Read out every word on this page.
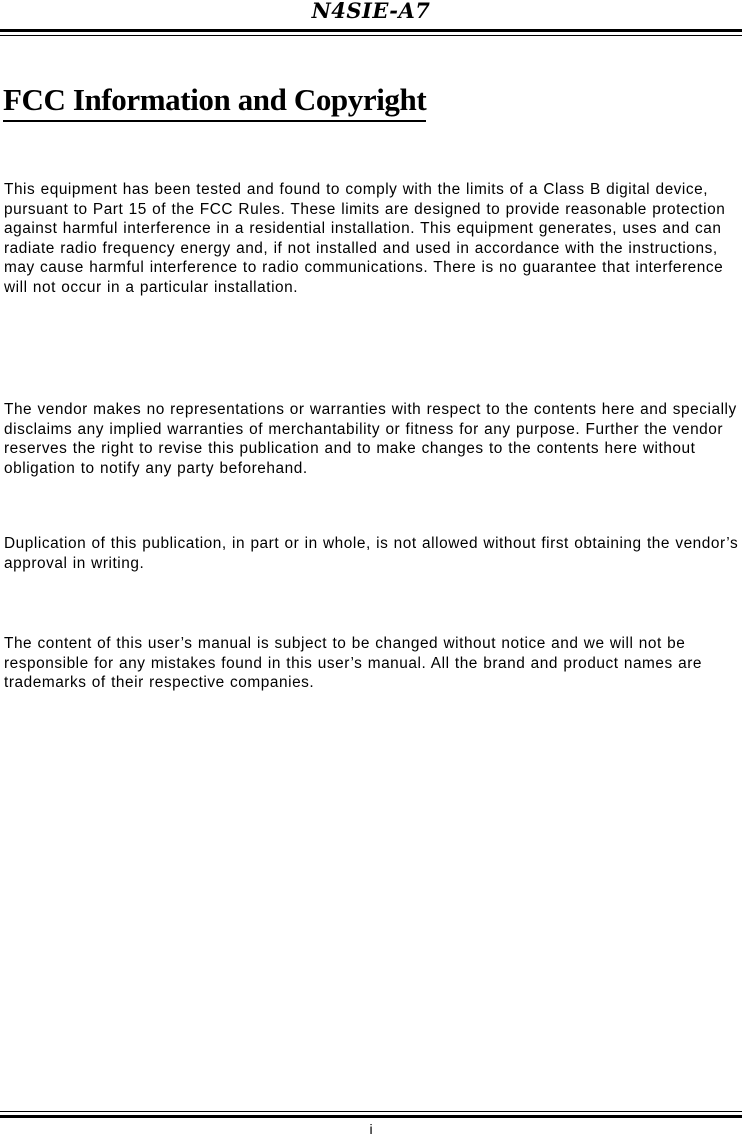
N4SIE-A7
FCC Information and Copyright

This equipment has been tested and found to comply with the limits of a Class B digital device, pursuant to Part 15 of the FCC Rules. These limits are designed to provide reasonable protection against harmful interference in a residential installation. This equipment generates, uses and can radiate radio frequency energy and, if not installed and used in accordance with the instructions, may cause harmful interference to radio communications. There is no guarantee that interference will not occur in a particular installation.

The vendor makes no representations or warranties with respect to the contents here and specially disclaims any implied warranties of merchantability or fitness for any purpose. Further the vendor reserves the right to revise this publication and to make changes to the contents here without obligation to notify any party beforehand.

Duplication of this publication, in part or in whole, is not allowed without first obtaining the vendor’s approval in writing.

The content of this user’s manual is subject to be changed without notice and we will not be responsible for any mistakes found in this user’s manual. All the brand and product names are trademarks of their respective companies.

i
